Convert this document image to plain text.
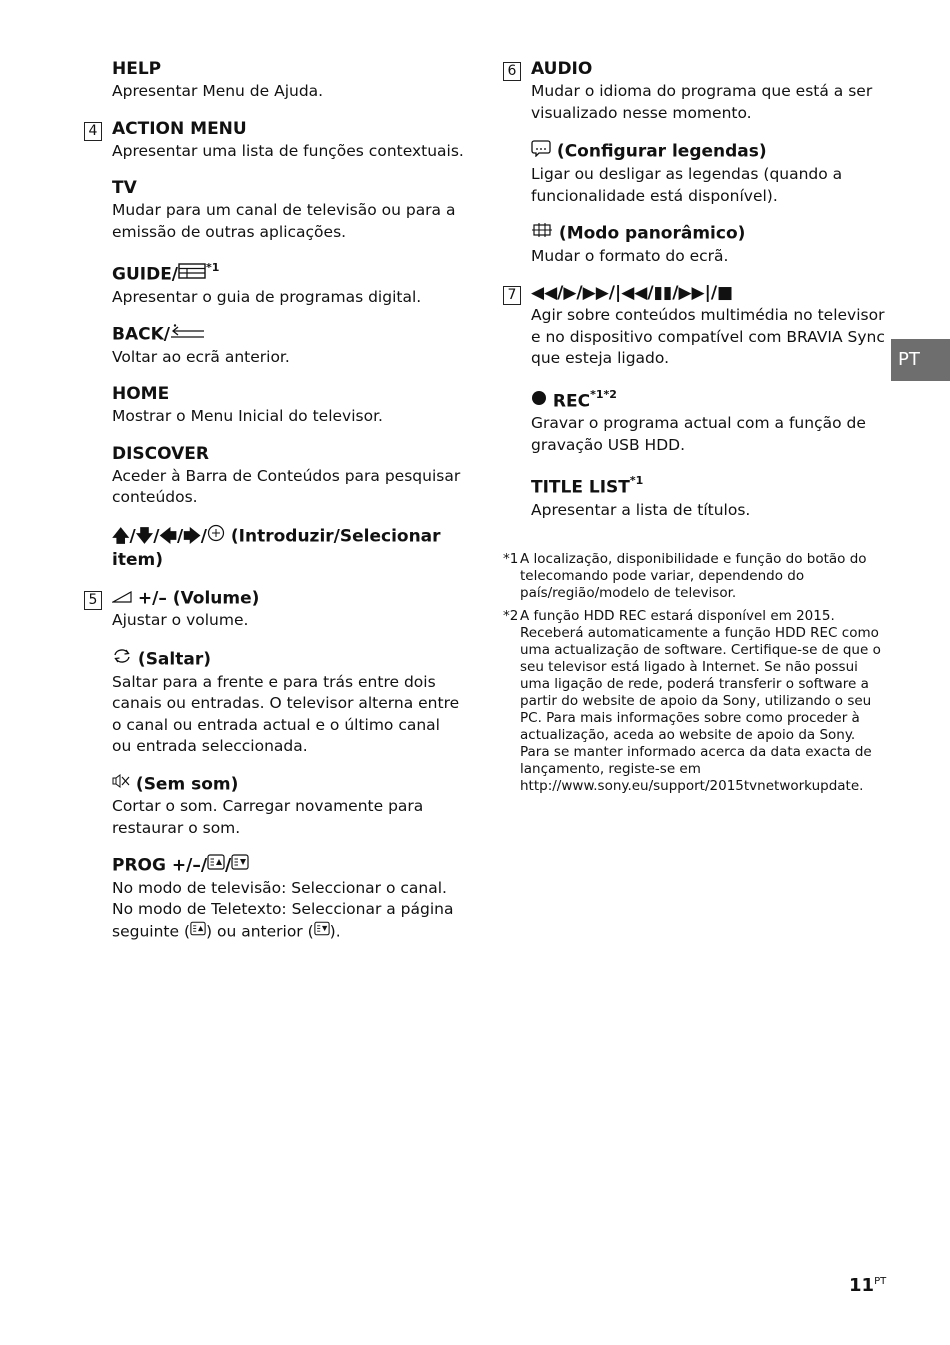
HELP

Apresentar Menu de Ajuda.

4 ACTION MENU

Apresentar uma lista de funções contextuais.

TV

Mudar para um canal de televisão ou para a emissão de outras aplicações.

GUIDE/	$^{*1}$

Apresentar o guia de programas digital.

BACK/

Voltar ao ecrã anterior.

HOME

Mostrar o Menu Inicial do televisor.

DISCOVER

Aceder à Barra de Conteúdos para pesquisar conteúdos.

🡅/🡇/🡄/🡆/ (Introduzir/Selecionar item)

5	+/– (Volume)

Ajustar o volume.

(Saltar)

Saltar para a frente e para trás entre dois canais ou entradas. O televisor alterna entre o canal ou entrada actual e o último canal ou entrada seleccionada.

(Sem som)

Cortar o som. Carregar novamente para restaurar o som.

PROG +/–/ /

No modo de televisão: Seleccionar o canal.

No modo de Teletexto: Seleccionar a página seguinte ( ) ou anterior ( ).

6 AUDIO

Mudar o idioma do programa que está a ser visualizado nesse momento.

(Configurar legendas)

Ligar ou desligar as legendas (quando a funcionalidade está disponível).

(Modo panorâmico)

Mudar o formato do ecrã.

7 ◀◀/▶/▶▶/|◀◀/▮▮/▶▶|/■

Agir sobre conteúdos multimédia no televisor e no dispositivo compatível com BRAVIA Sync que esteja ligado.

$REC^{*1*2}$

Gravar o programa actual com a função de gravação USB HDD.

TITLE LIST$^{*1}$

Apresentar a lista de títulos.

*1 A localização, disponibilidade e função do botão do telecomando pode variar, dependendo do país/região/modelo de televisor.
*2 A função HDD REC estará disponível em 2015. Receberá automaticamente a função HDD REC como uma actualização de software. Certifique-se de que o seu televisor está ligado à Internet. Se não possui uma ligação de rede, poderá transferir o software a partir do website de apoio da Sony, utilizando o seu PC. Para mais informações sobre como proceder à actualização, aceda ao website de apoio da Sony. Para se manter informado acerca da data exacta de lançamento, registe-se em http://www.sony.eu/support/2015tvnetworkupdate.
PT
$11^{PT}$
